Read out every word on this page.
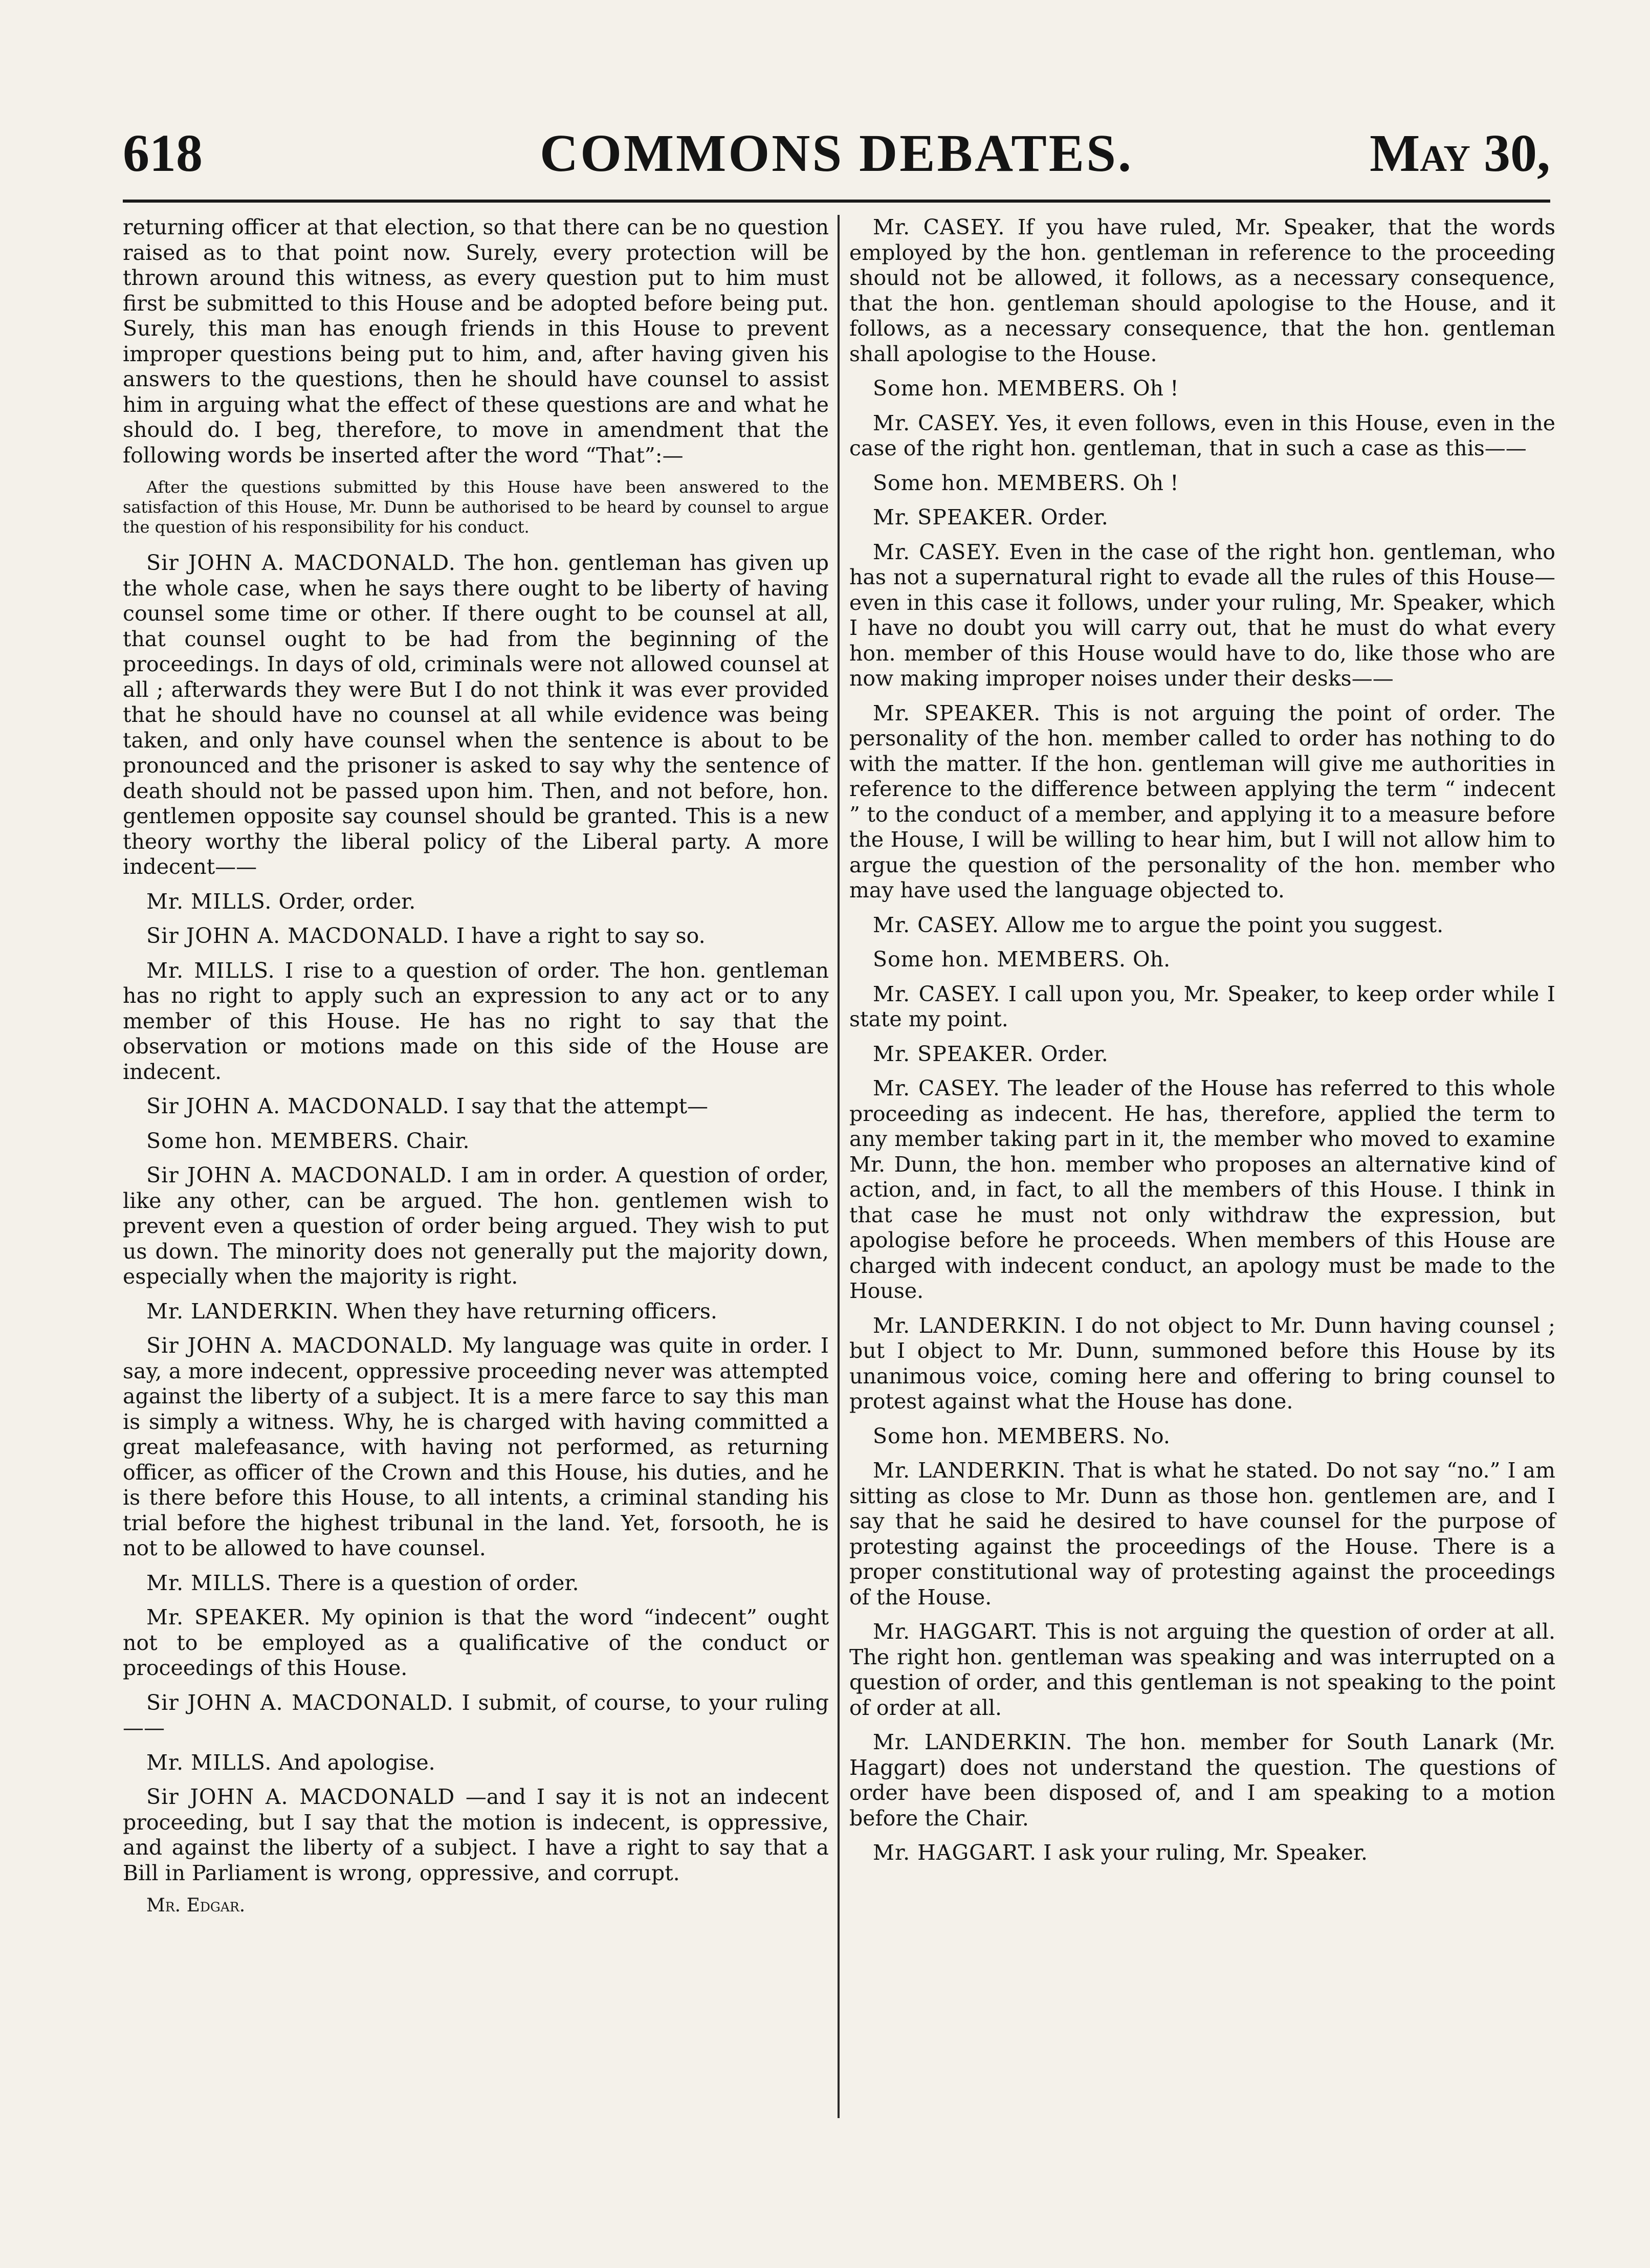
618	COMMONS DEBATES.	May 30,

returning officer at that election, so that there can be no question raised as to that point now. Surely, every protection will be thrown around this witness, as every question put to him must first be submitted to this House and be adopted before being put. Surely, this man has enough friends in this House to prevent improper questions being put to him, and, after having given his answers to the questions, then he should have counsel to assist him in arguing what the effect of these questions are and what he should do. I beg, therefore, to move in amendment that the following words be inserted after the word “That”:—

After the questions submitted by this House have been answered to the satisfaction of this House, Mr. Dunn be authorised to be heard by counsel to argue the question of his responsibility for his conduct.

Sir JOHN A. MACDONALD. The hon. gentleman has given up the whole case, when he says there ought to be liberty of having counsel some time or other. If there ought to be counsel at all, that counsel ought to be had from the beginning of the proceedings. In days of old, criminals were not allowed counsel at all ; afterwards they were But I do not think it was ever provided that he should have no counsel at all while evidence was being taken, and only have counsel when the sentence is about to be pronounced and the prisoner is asked to say why the sentence of death should not be passed upon him. Then, and not before, hon. gentlemen opposite say counsel should be granted. This is a new theory worthy the liberal policy of the Liberal party. A more indecent——

Mr. MILLS. Order, order.

Sir JOHN A. MACDONALD. I have a right to say so.

Mr. MILLS. I rise to a question of order. The hon. gentleman has no right to apply such an expression to any act or to any member of this House. He has no right to say that the observation or motions made on this side of the House are indecent.

Sir JOHN A. MACDONALD. I say that the attempt—

Some hon. MEMBERS. Chair.

Sir JOHN A. MACDONALD. I am in order. A question of order, like any other, can be argued. The hon. gentlemen wish to prevent even a question of order being argued. They wish to put us down. The minority does not generally put the majority down, especially when the majority is right.

Mr. LANDERKIN. When they have returning officers.

Sir JOHN A. MACDONALD. My language was quite in order. I say, a more indecent, oppressive proceeding never was attempted against the liberty of a subject. It is a mere farce to say this man is simply a witness. Why, he is charged with having committed a great malefeasance, with having not performed, as returning officer, as officer of the Crown and this House, his duties, and he is there before this House, to all intents, a criminal standing his trial before the highest tribunal in the land. Yet, forsooth, he is not to be allowed to have counsel.

Mr. MILLS. There is a question of order.

Mr. SPEAKER. My opinion is that the word “indecent” ought not to be employed as a qualificative of the conduct or proceedings of this House.

Sir JOHN A. MACDONALD. I submit, of course, to your ruling——

Mr. MILLS. And apologise.

Sir JOHN A. MACDONALD —and I say it is not an indecent proceeding, but I say that the motion is indecent, is oppressive, and against the liberty of a subject. I have a right to say that a Bill in Parliament is wrong, oppressive, and corrupt.

Mr. Edgar.

Mr. CASEY. If you have ruled, Mr. Speaker, that the words employed by the hon. gentleman in reference to the proceeding should not be allowed, it follows, as a necessary consequence, that the hon. gentleman should apologise to the House, and it follows, as a necessary consequence, that the hon. gentleman shall apologise to the House.

Some hon. MEMBERS. Oh !

Mr. CASEY. Yes, it even follows, even in this House, even in the case of the right hon. gentleman, that in such a case as this——

Some hon. MEMBERS. Oh !

Mr. SPEAKER. Order.

Mr. CASEY. Even in the case of the right hon. gentleman, who has not a supernatural right to evade all the rules of this House—even in this case it follows, under your ruling, Mr. Speaker, which I have no doubt you will carry out, that he must do what every hon. member of this House would have to do, like those who are now making improper noises under their desks——

Mr. SPEAKER. This is not arguing the point of order. The personality of the hon. member called to order has nothing to do with the matter. If the hon. gentleman will give me authorities in reference to the difference between applying the term “ indecent ” to the conduct of a member, and applying it to a measure before the House, I will be willing to hear him, but I will not allow him to argue the question of the personality of the hon. member who may have used the language objected to.

Mr. CASEY. Allow me to argue the point you suggest.

Some hon. MEMBERS. Oh.

Mr. CASEY. I call upon you, Mr. Speaker, to keep order while I state my point.

Mr. SPEAKER. Order.

Mr. CASEY. The leader of the House has referred to this whole proceeding as indecent. He has, therefore, applied the term to any member taking part in it, the member who moved to examine Mr. Dunn, the hon. member who proposes an alternative kind of action, and, in fact, to all the members of this House. I think in that case he must not only withdraw the expression, but apologise before he proceeds. When members of this House are charged with indecent conduct, an apology must be made to the House.

Mr. LANDERKIN. I do not object to Mr. Dunn having counsel ; but I object to Mr. Dunn, summoned before this House by its unanimous voice, coming here and offering to bring counsel to protest against what the House has done.

Some hon. MEMBERS. No.

Mr. LANDERKIN. That is what he stated. Do not say “no.” I am sitting as close to Mr. Dunn as those hon. gentlemen are, and I say that he said he desired to have counsel for the purpose of protesting against the proceedings of the House. There is a proper constitutional way of protesting against the proceedings of the House.

Mr. HAGGART. This is not arguing the question of order at all. The right hon. gentleman was speaking and was interrupted on a question of order, and this gentleman is not speaking to the point of order at all.

Mr. LANDERKIN. The hon. member for South Lanark (Mr. Haggart) does not understand the question. The questions of order have been disposed of, and I am speaking to a motion before the Chair.

Mr. HAGGART. I ask your ruling, Mr. Speaker.
